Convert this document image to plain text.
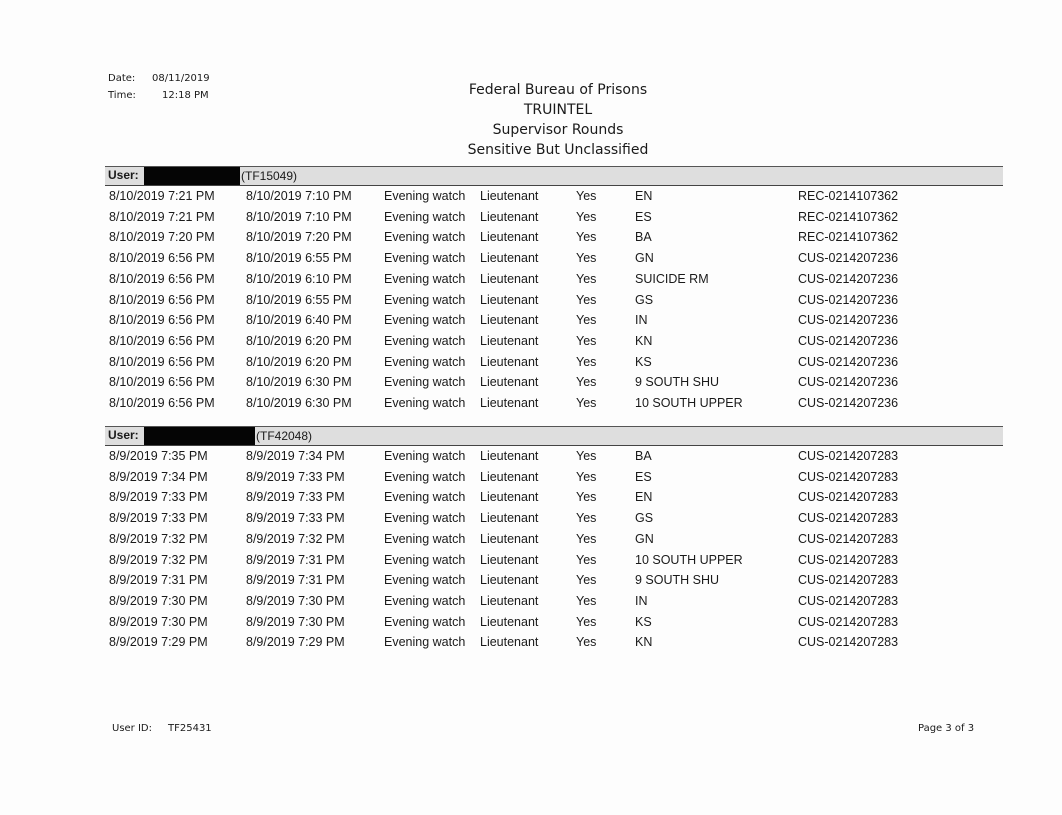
Date:	08/11/2019
Time:	12:18 PM	Federal Bureau of Prisons
TRUINTEL
Supervisor Rounds
Sensitive But Unclassified
User:	(TF15049)
8/10/2019 7:21 PM	8/10/2019 7:10 PM	Evening watch Lieutenant	Yes	EN	REC-0214107362
8/10/2019 7:21 PM	8/10/2019 7:10 PM	Evening watch Lieutenant	Yes	ES	REC-0214107362
8/10/2019 7:20 PM	8/10/2019 7:20 PM	Evening watch Lieutenant	Yes	BA	REC-0214107362
8/10/2019 6:56 PM	8/10/2019 6:55 PM	Evening watch Lieutenant	Yes	GN	CUS-0214207236
8/10/2019 6:56 PM	8/10/2019 6:10 PM	Evening watch Lieutenant	Yes	SUICIDE RM	CUS-0214207236
8/10/2019 6:56 PM	8/10/2019 6:55 PM	Evening watch Lieutenant	Yes	GS	CUS-0214207236
8/10/2019 6:56 PM	8/10/2019 6:40 PM	Evening watch Lieutenant	Yes	IN	CUS-0214207236
8/10/2019 6:56 PM	8/10/2019 6:20 PM	Evening watch Lieutenant	Yes	KN	CUS-0214207236
8/10/2019 6:56 PM	8/10/2019 6:20 PM	Evening watch Lieutenant	Yes	KS	CUS-0214207236
8/10/2019 6:56 PM	8/10/2019 6:30 PM	Evening watch Lieutenant	Yes	9 SOUTH SHU	CUS-0214207236
8/10/2019 6:56 PM	8/10/2019 6:30 PM	Evening watch Lieutenant	Yes	10 SOUTH UPPER	CUS-0214207236
User:	(TF42048)
8/9/2019 7:35 PM	8/9/2019 7:34 PM	Evening watch Lieutenant	Yes	BA	CUS-0214207283
8/9/2019 7:34 PM	8/9/2019 7:33 PM	Evening watch Lieutenant	Yes	ES	CUS-0214207283
8/9/2019 7:33 PM	8/9/2019 7:33 PM	Evening watch Lieutenant	Yes	EN	CUS-0214207283
8/9/2019 7:33 PM	8/9/2019 7:33 PM	Evening watch Lieutenant	Yes	GS	CUS-0214207283
8/9/2019 7:32 PM	8/9/2019 7:32 PM	Evening watch Lieutenant	Yes	GN	CUS-0214207283
8/9/2019 7:32 PM	8/9/2019 7:31 PM	Evening watch Lieutenant	Yes	10 SOUTH UPPER	CUS-0214207283
8/9/2019 7:31 PM	8/9/2019 7:31 PM	Evening watch Lieutenant	Yes	9 SOUTH SHU	CUS-0214207283
8/9/2019 7:30 PM	8/9/2019 7:30 PM	Evening watch Lieutenant	Yes	IN	CUS-0214207283
8/9/2019 7:30 PM	8/9/2019 7:30 PM	Evening watch Lieutenant	Yes	KS	CUS-0214207283
8/9/2019 7:29 PM	8/9/2019 7:29 PM	Evening watch Lieutenant	Yes	KN	CUS-0214207283
User ID: TF25431	Page 3 of 3
